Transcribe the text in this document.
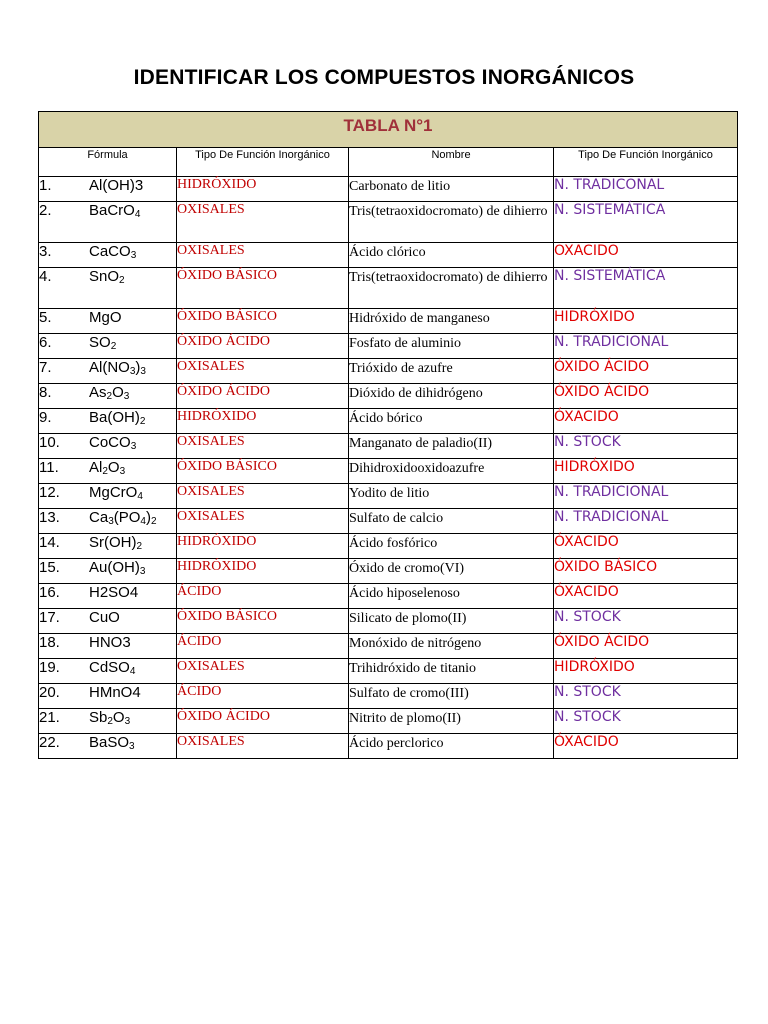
IDENTIFICAR LOS COMPUESTOS INORGÁNICOS
TABLA N°1			
Fórmula	Tipo De Función Inorgánico	Nombre	Tipo De Función Inorgánico
1. Al(OH)3	HIDRÓXIDO	Carbonato de litio	N. TRADICONAL
2. BaCrO$_4$	OXISALES	Tris(tetraoxidocromato) de dihierro	N. SISTEMÁTICA
3. CaCO$_3$	OXISALES	Ácido clórico	OXACIDO
4. SnO$_2$	ÓXIDO BÁSICO	Tris(tetraoxidocromato) de dihierro	N. SISTEMÁTICA
5. MgO	ÓXIDO BÁSICO	Hidróxido de manganeso	HIDRÓXIDO
6. $SO_2$	ÓXIDO ÁCIDO	Fosfato de aluminio	N. TRADICIONAL
7. $Al(NO_3)_3$	OXISALES	Trióxido de azufre	ÓXIDO ÁCIDO
8. $As_2O_3$	ÓXIDO ÁCIDO	Dióxido de dihidrógeno	ÓXIDO ÁCIDO
9. $Ba(OH)_2$	HIDRÓXIDO	Ácido bórico	ÓXACIDO
10. CoCO$_3$	OXISALES	Manganato de paladio(II)	N. STOCK
11. $Al_2O_3$	ÓXIDO BÁSICO	Dihidroxidooxidoazufre	HIDRÓXIDO
12. MgCrO$_4$	OXISALES	Yodito de litio	N. TRADICIONAL
13. $Ca_3(PO_4)_2$	OXISALES	Sulfato de calcio	N. TRADICIONAL
14. $Sr(OH)_2$	HIDRÓXIDO	Ácido fosfórico	ÓXACIDO
15. $Au(OH)_3$	HIDRÓXIDO	Óxido de cromo(VI)	ÓXIDO BÁSICO
16. H2SO4	ÁCIDO	Ácido hiposelenoso	ÓXACIDO
17. CuO	ÓXIDO BÁSICO	Silicato de plomo(II)	N. STOCK
18. HNO3	ÁCIDO	Monóxido de nitrógeno	ÓXIDO ÁCIDO
19. CdSO$_4$	OXISALES	Trihidróxido de titanio	HIDRÓXIDO
20. HMnO4	ÁCIDO	Sulfato de cromo(III)	N. STOCK
21. $Sb_2O_3$	ÓXIDO ÁCIDO	Nitrito de plomo(II)	N. STOCK
22. BaSO$_3$	OXISALES	Ácido perclorico	ÓXACIDO
